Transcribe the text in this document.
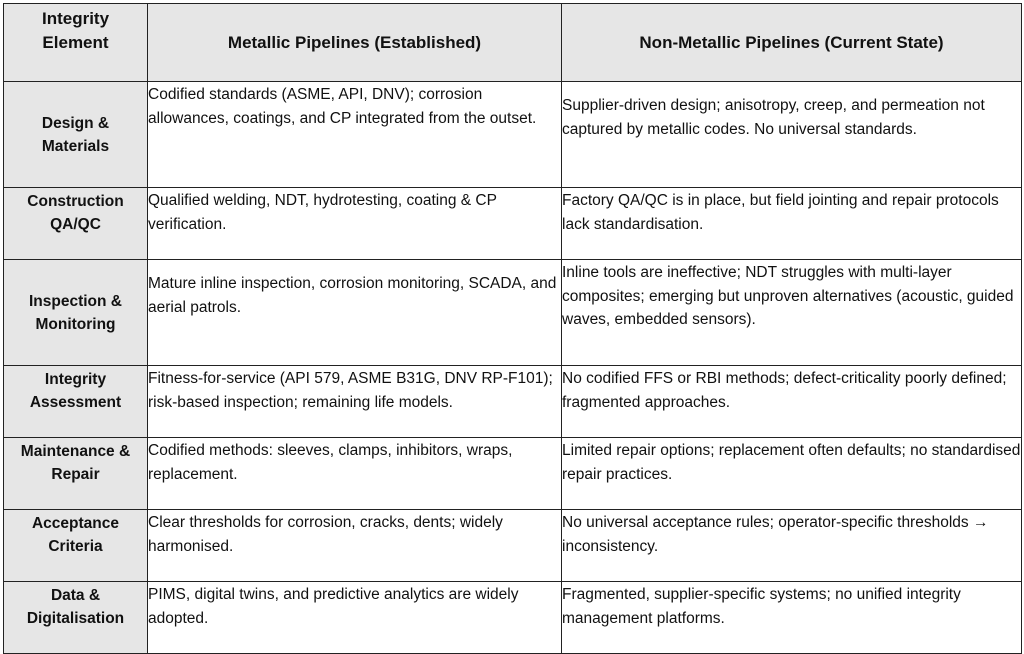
Integrity
Element	Metallic Pipelines (Established)	Non-Metallic Pipelines (Current State)

Design &
Materials	Codified standards (ASME, API, DNV); corrosion allowances, coatings, and CP integrated from the outset.	Supplier-driven design; anisotropy, creep, and permeation not captured by metallic codes. No universal standards.

Construction
QA/QC	Qualified welding, NDT, hydrotesting, coating & CP verification.	Factory QA/QC is in place, but field jointing and repair protocols lack standardisation.

Inspection &
Monitoring	Mature inline inspection, corrosion monitoring, SCADA, and aerial patrols.	Inline tools are ineffective; NDT struggles with multi-layer composites; emerging but unproven alternatives (acoustic, guided waves, embedded sensors).

Integrity
Assessment	Fitness-for-service (API 579, ASME B31G, DNV RP-F101); risk-based inspection; remaining life models.	No codified FFS or RBI methods; defect-criticality poorly defined; fragmented approaches.

Maintenance &
Repair	Codified methods: sleeves, clamps, inhibitors, wraps, replacement.	Limited repair options; replacement often defaults; no standardised repair practices.

Acceptance
Criteria	Clear thresholds for corrosion, cracks, dents; widely harmonised.	No universal acceptance rules; operator-specific thresholds → inconsistency.

Data &
Digitalisation	PIMS, digital twins, and predictive analytics are widely adopted.	Fragmented, supplier-specific systems; no unified integrity management platforms.
